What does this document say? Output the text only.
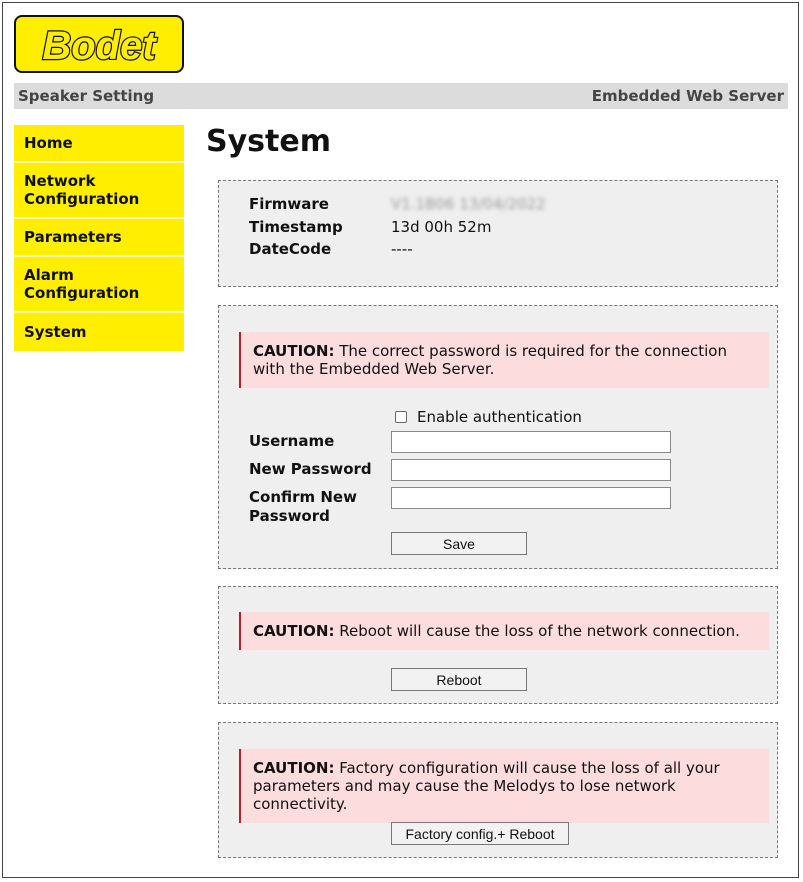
Bodet
Speaker Setting	Embedded Web Server
Home
Network
Configuration
Parameters
Alarm
Configuration
System
System
Firmware	V1.1B06 13/04/2022
Timestamp	13d 00h 52m
DateCode	----
CAUTION: The correct password is required for the connection with the Embedded Web Server.
Enable authentication
Username
New Password
Confirm New
Password
Save
CAUTION: Reboot will cause the loss of the network connection.
Reboot
CAUTION: Factory configuration will cause the loss of all your parameters and may cause the Melodys to lose network connectivity.
Factory config.+ Reboot
